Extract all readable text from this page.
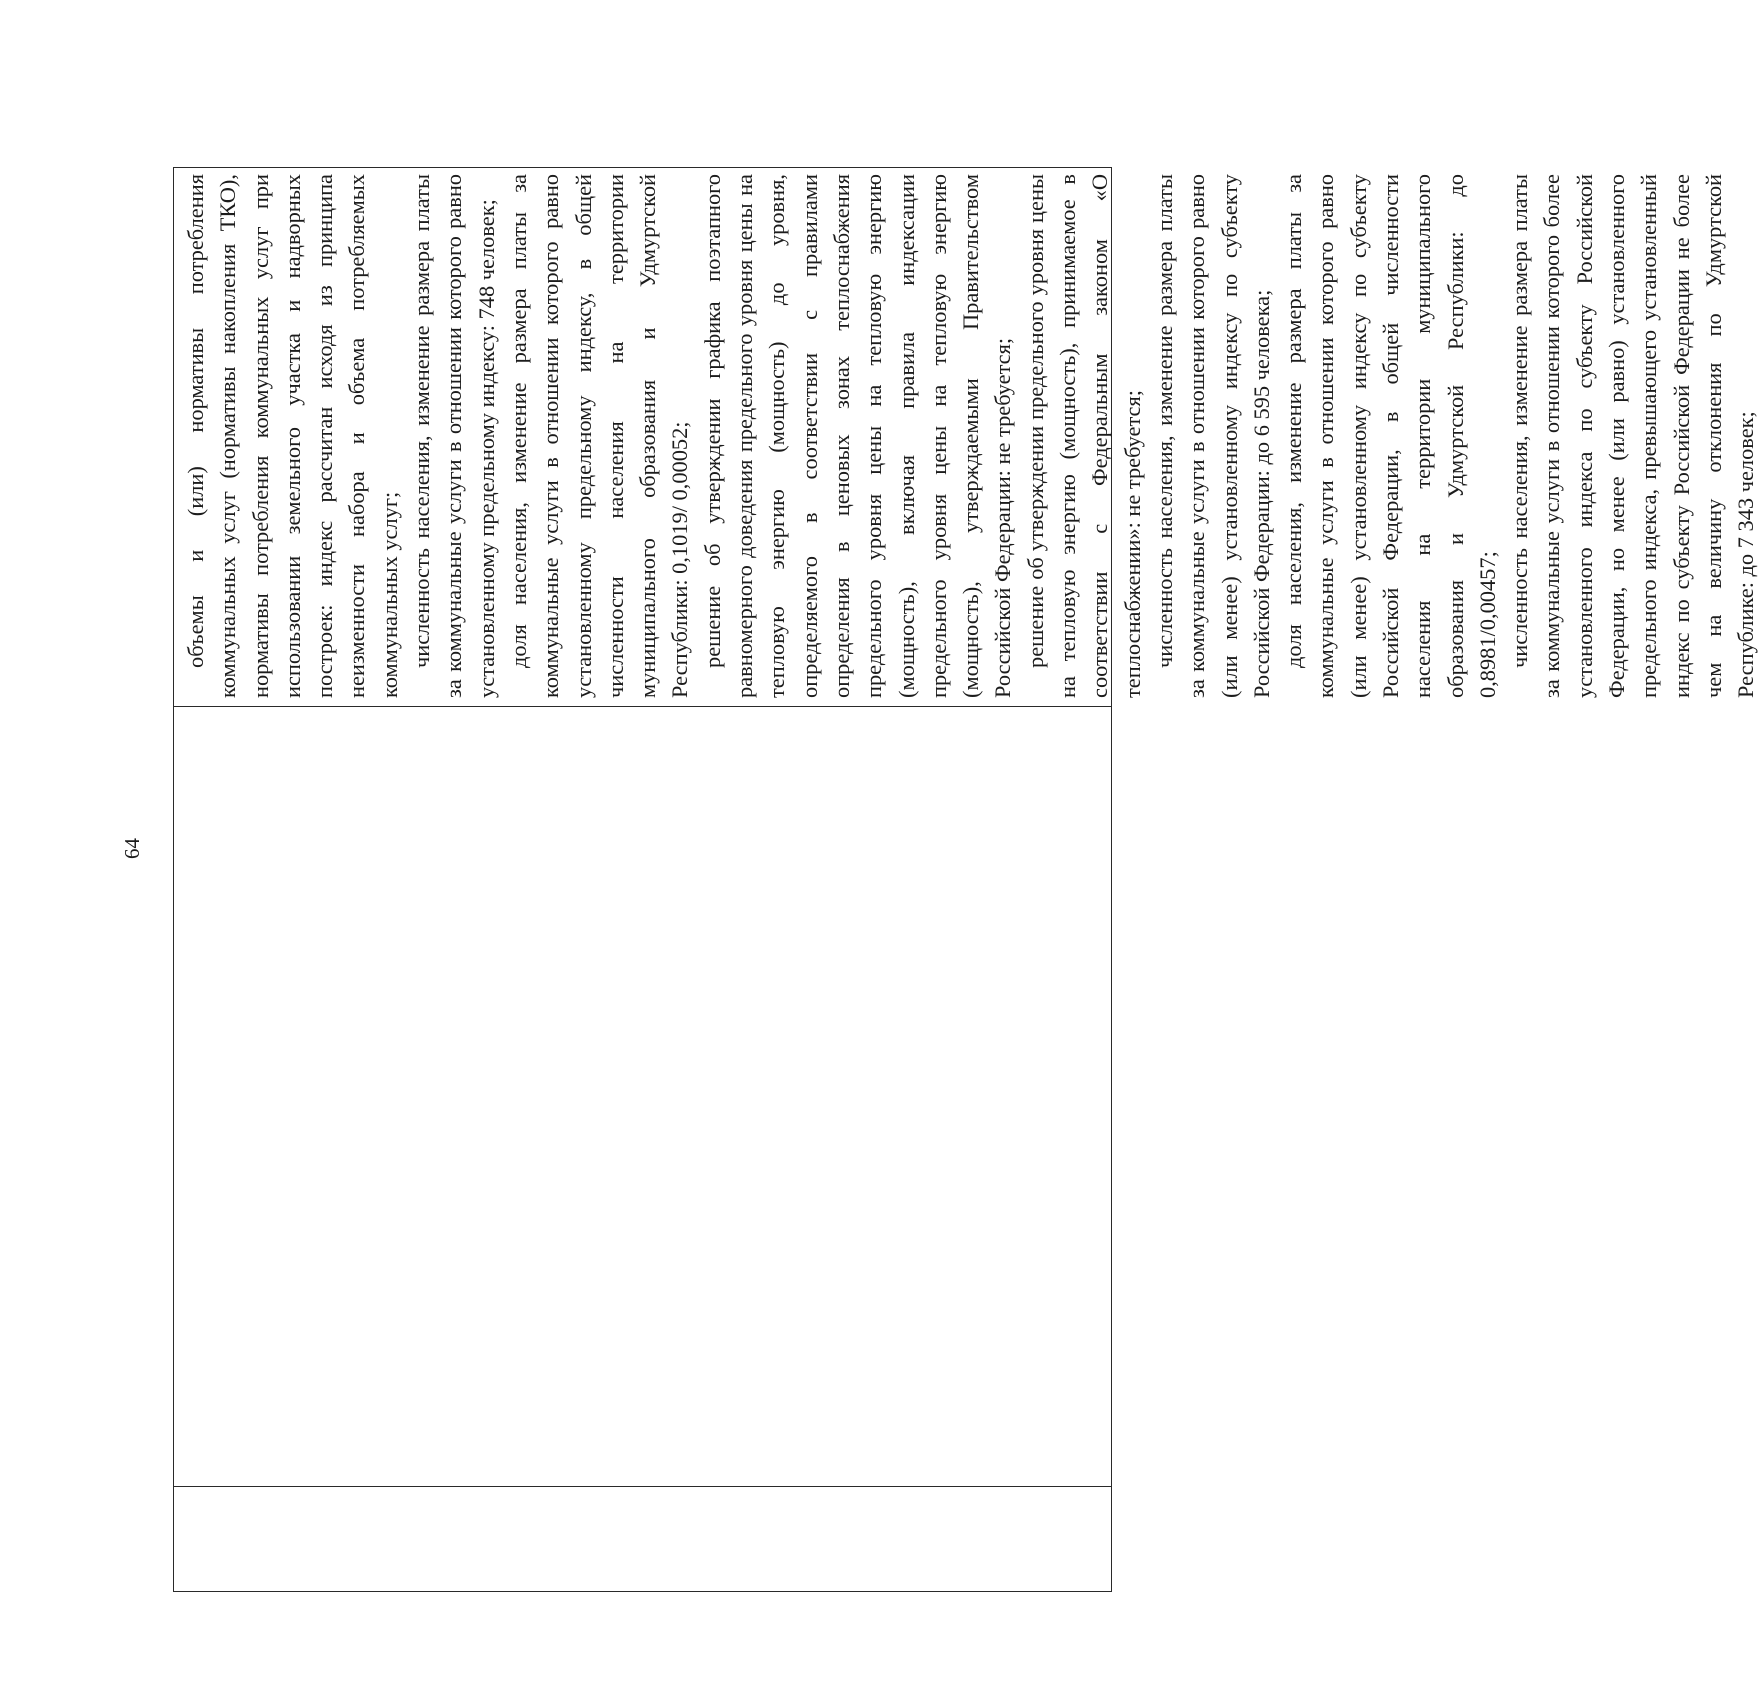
64

объемы и (или) нормативы потребления коммунальных услуг (нормативы накопления ТКО), нормативы потребления коммунальных услуг при использовании земельного участка и надворных построек: индекс рассчитан исходя из принципа неизменности набора и объема потребляемых коммунальных услуг; численность населения, изменение размера платы за коммунальные услуги в отношении которого равно установленному предельному индексу: 748 человек; доля населения, изменение размера платы за коммунальные услуги в отношении которого равно установленному предельному индексу, в общей численности населения на территории муниципального образования и Удмуртской Республики: 0,1019/ 0,00052; решение об утверждении графика поэтапного равномерного доведения предельного уровня цены на тепловую энергию (мощность) до уровня, определяемого в соответствии с правилами определения в ценовых зонах теплоснабжения предельного уровня цены на тепловую энергию (мощность), включая правила индексации предельного уровня цены на тепловую энергию (мощность), утверждаемыми Правительством Российской Федерации: не требуется; решение об утверждении предельного уровня цены на тепловую энергию (мощность), принимаемое в соответствии с Федеральным законом «О теплоснабжении»: не требуется; численность населения, изменение размера платы за коммунальные услуги в отношении которого равно (или менее) установленному индексу по субъекту Российской Федерации: до 6 595 человека; доля населения, изменение размера платы за коммунальные услуги в отношении которого равно (или менее) установленному индексу по субъекту Российской Федерации, в общей численности населения на территории муниципального образования и Удмуртской Республики: до 0,8981/0,00457; численность населения, изменение размера платы за коммунальные услуги в отношении которого более установленного индекса по субъекту Российской Федерации, но менее (или равно) установленного предельного индекса, превышающего установленный индекс по субъекту Российской Федерации не более чем на величину отклонения по Удмуртской Республике: до 7 343 человек;
